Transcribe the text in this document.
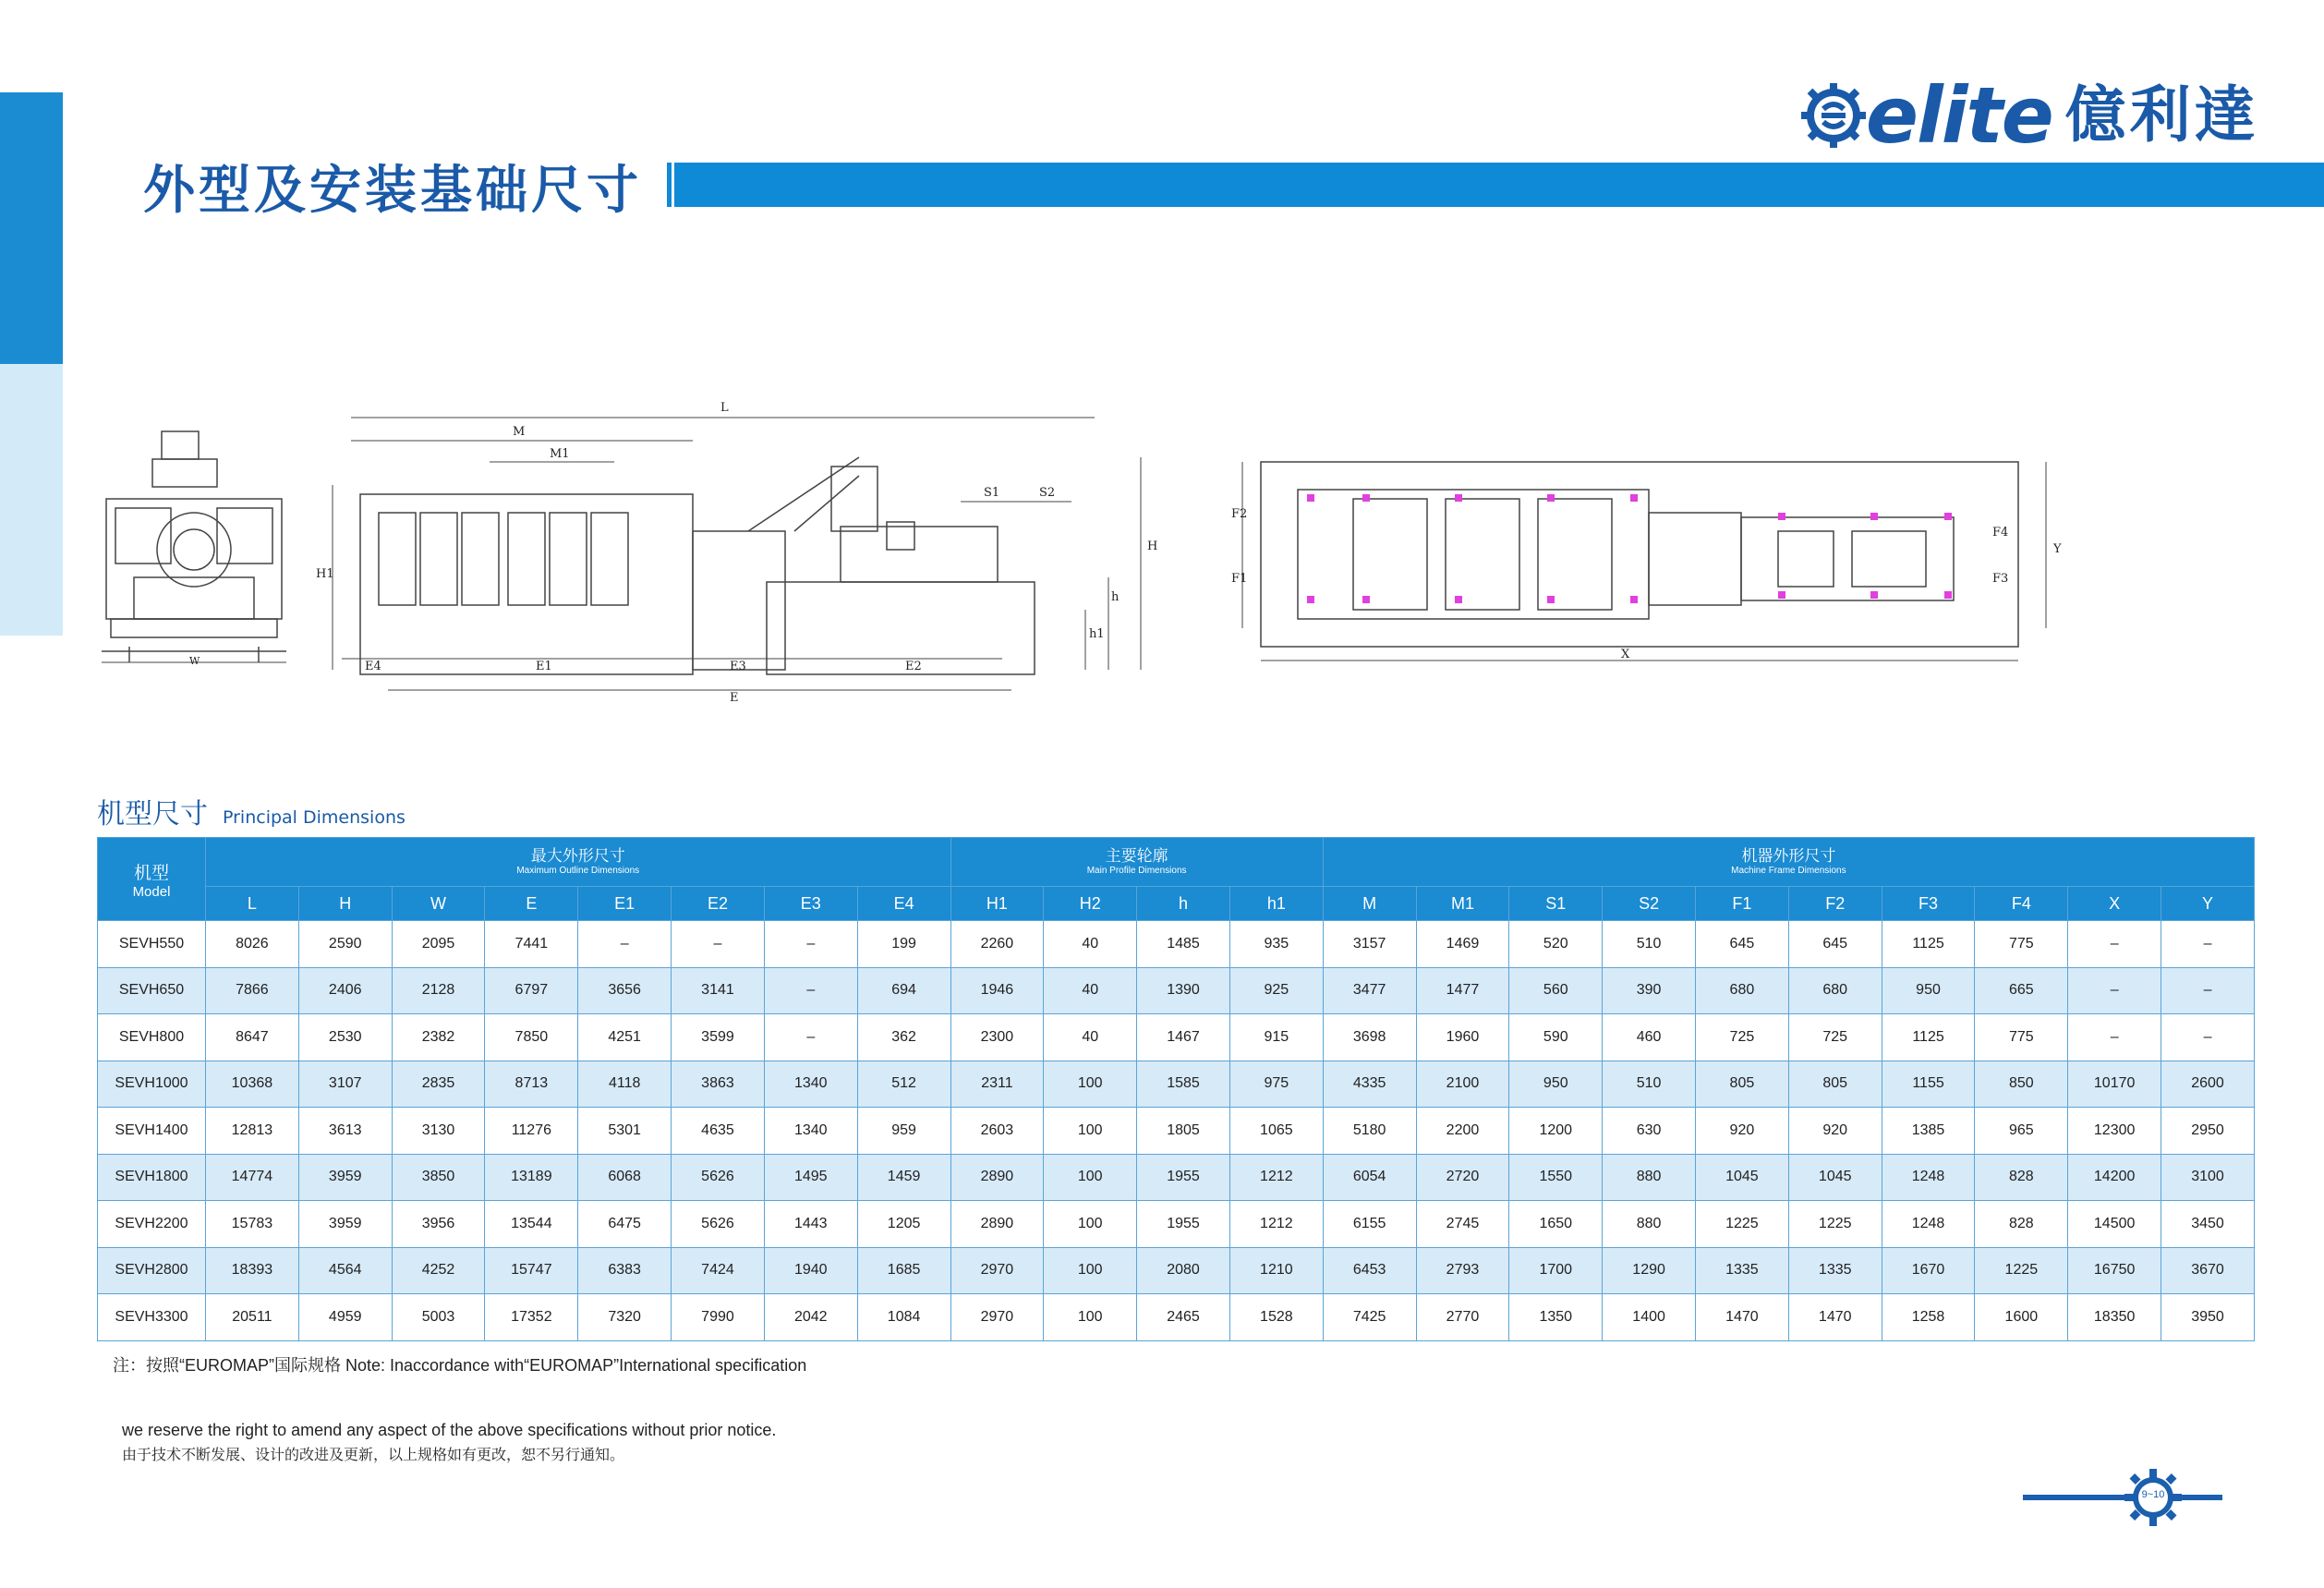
外型及安装基础尺寸
elite 億利達
W
L
M
M1
S1	S2
H1
H
h
h1
E4	E1	E3	E2
E
F2
F1
F4
F3
Y
X
机型尺寸 Principal Dimensions
机型
Model	最大外形尺寸
Maximum Outline Dimensions								主要轮廓
Main Profile Dimensions				机器外形尺寸
Machine Frame Dimensions									

	L	H	W	E	E1	E2	E3	E4	H1	H2	h	h1	M	M1	S1	S2	F1	F2	F3	F4	X	Y
SEVH550	8026	2590	2095	7441	–	–	–	199	2260	40	1485	935	3157	1469	520	510	645	645	1125	775	–	–
SEVH650	7866	2406	2128	6797	3656	3141	–	694	1946	40	1390	925	3477	1477	560	390	680	680	950	665	–	–
SEVH800	8647	2530	2382	7850	4251	3599	–	362	2300	40	1467	915	3698	1960	590	460	725	725	1125	775	–	–
SEVH1000	10368	3107	2835	8713	4118	3863	1340	512	2311	100	1585	975	4335	2100	950	510	805	805	1155	850	10170	2600
SEVH1400	12813	3613	3130	11276	5301	4635	1340	959	2603	100	1805	1065	5180	2200	1200	630	920	920	1385	965	12300	2950
SEVH1800	14774	3959	3850	13189	6068	5626	1495	1459	2890	100	1955	1212	6054	2720	1550	880	1045	1045	1248	828	14200	3100
SEVH2200	15783	3959	3956	13544	6475	5626	1443	1205	2890	100	1955	1212	6155	2745	1650	880	1225	1225	1248	828	14500	3450
SEVH2800	18393	4564	4252	15747	6383	7424	1940	1685	2970	100	2080	1210	6453	2793	1700	1290	1335	1335	1670	1225	16750	3670
SEVH3300	20511	4959	5003	17352	7320	7990	2042	1084	2970	100	2465	1528	7425	2770	1350	1400	1470	1470	1258	1600	18350	3950
注：按照“EUROMAP”国际规格 Note: Inaccordance with“EUROMAP”International specification
we reserve the right to amend any aspect of the above specifications without prior notice.
由于技术不断发展、设计的改进及更新，以上规格如有更改，恕不另行通知。
9~10
